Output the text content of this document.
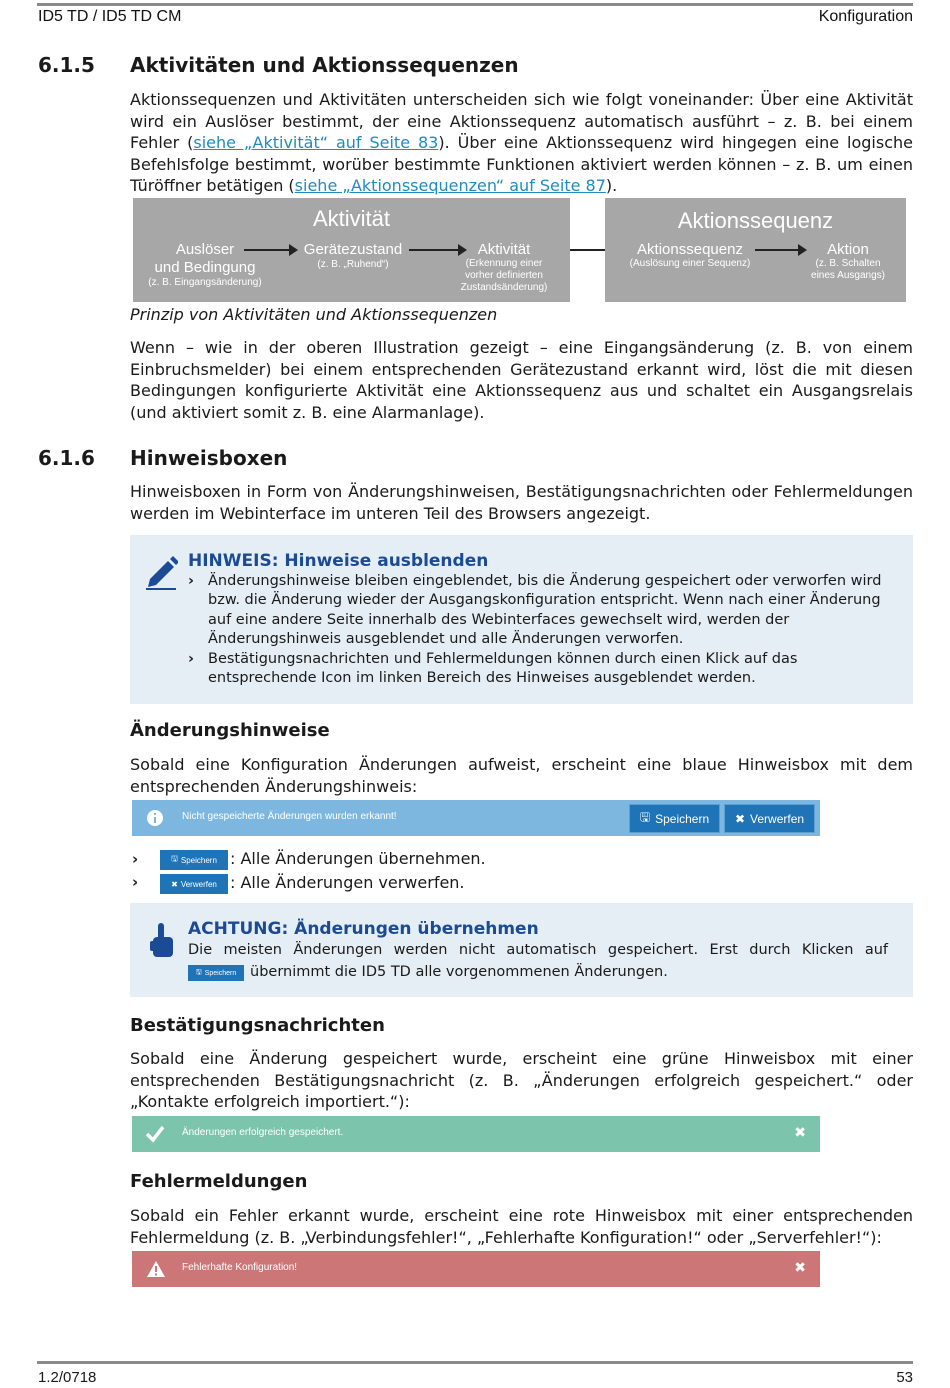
ID5 TD / ID5 TD CM	Konfiguration
6.1.5 Aktivitäten und Aktionssequenzen
Aktionssequenzen und Aktivitäten unterscheiden sich wie folgt voneinander: Über eine Aktivität wird ein Auslöser bestimmt, der eine Aktionssequenz automatisch ausführt – z. B. bei einem Fehler (siehe „Aktivität“ auf Seite 83). Über eine Aktionssequenz wird hingegen eine logische Befehlsfolge bestimmt, worüber bestimmte Funktionen aktiviert werden können – z. B. um einen Türöffner betätigen (siehe „Aktionssequenzen“ auf Seite 87).
Aktivität
Auslöser
und Bedingung
(z. B. Eingangsänderung)
Gerätezustand
(z. B. „Ruhend“)
Aktivität
(Erkennung einer
vorher definierten
Zustandsänderung)
Aktionssequenz
Aktionssequenz
(Auslösung einer Sequenz)
Aktion
(z. B. Schalten
eines Ausgangs)
Prinzip von Aktivitäten und Aktionssequenzen
Wenn – wie in der oberen Illustration gezeigt – eine Eingangsänderung (z. B. von einem Einbruchsmelder) bei einem entsprechenden Gerätezustand erkannt wird, löst die mit diesen Bedingungen konfigurierte Aktivität eine Aktionssequenz aus und schaltet ein Ausgangsrelais (und aktiviert somit z. B. eine Alarmanlage).
6.1.6 Hinweisboxen
Hinweisboxen in Form von Änderungshinweisen, Bestätigungsnachrichten oder Fehlermeldungen werden im Webinterface im unteren Teil des Browsers angezeigt.
HINWEIS: Hinweise ausblenden
› Änderungshinweise bleiben eingeblendet, bis die Änderung gespeichert oder verworfen wird bzw. die Änderung wieder der Ausgangskonfiguration entspricht. Wenn nach einer Änderung auf eine andere Seite innerhalb des Webinterfaces gewechselt wird, werden der Änderungshinweis ausgeblendet und alle Änderungen verworfen.
› Bestätigungsnachrichten und Fehlermeldungen können durch einen Klick auf das entsprechende Icon im linken Bereich des Hinweises ausgeblendet werden.
Änderungshinweise
Sobald eine Konfiguration Änderungen aufweist, erscheint eine blaue Hinweisbox mit dem entsprechenden Änderungshinweis:
Nicht gespeicherte Änderungen wurden erkannt!	🖫 Speichern ✖ Verwerfen
›	🖫 Speichern : Alle Änderungen übernehmen.
›	✖ Verwerfen : Alle Änderungen verwerfen.
ACHTUNG: Änderungen übernehmen
Die meisten Änderungen werden nicht automatisch gespeichert. Erst durch Klicken auf
🖫 Speichern übernimmt die ID5 TD alle vorgenommenen Änderungen.
Bestätigungsnachrichten
Sobald eine Änderung gespeichert wurde, erscheint eine grüne Hinweisbox mit einer entsprechenden Bestätigungsnachricht (z. B. „Änderungen erfolgreich gespeichert.“ oder „Kontakte erfolgreich importiert.“):
Änderungen erfolgreich gespeichert.	✖
Fehlermeldungen
Sobald ein Fehler erkannt wurde, erscheint eine rote Hinweisbox mit einer entsprechenden Fehlermeldung (z. B. „Verbindungsfehler!“, „Fehlerhafte Konfiguration!“ oder „Serverfehler!“):
Fehlerhafte Konfiguration!	✖
1.2/0718	53
